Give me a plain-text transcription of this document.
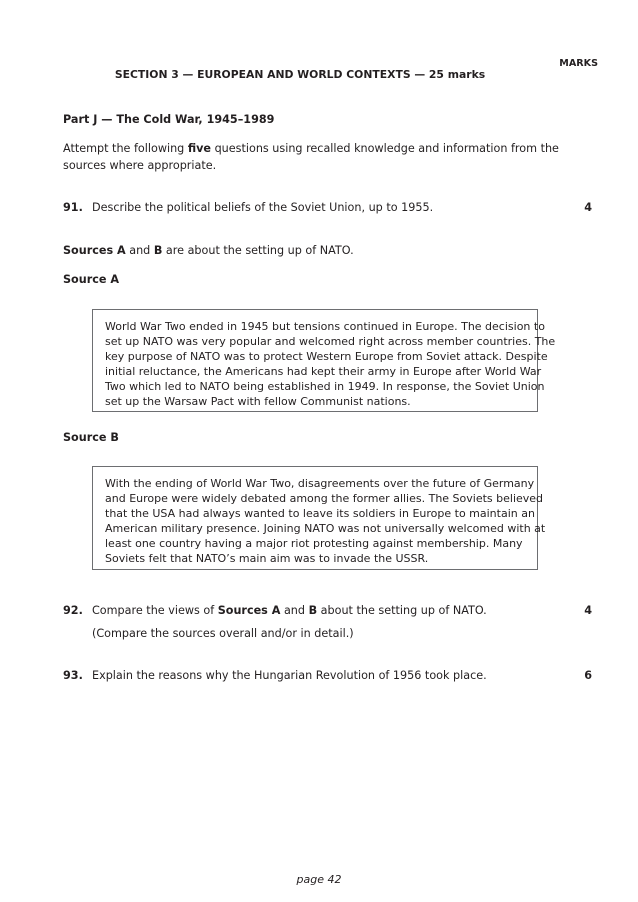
MARKS
SECTION 3 — EUROPEAN AND WORLD CONTEXTS — 25 marks
Part J — The Cold War, 1945–1989
Attempt the following five questions using recalled knowledge and information from the
sources where appropriate.
91. Describe the political beliefs of the Soviet Union, up to 1955.	4
Sources A and B are about the setting up of NATO.
Source A
World War Two ended in 1945 but tensions continued in Europe. The decision to
set up NATO was very popular and welcomed right across member countries. The
key purpose of NATO was to protect Western Europe from Soviet attack. Despite
initial reluctance, the Americans had kept their army in Europe after World War
Two which led to NATO being established in 1949. In response, the Soviet Union
set up the Warsaw Pact with fellow Communist nations.
Source B
With the ending of World War Two, disagreements over the future of Germany
and Europe were widely debated among the former allies. The Soviets believed
that the USA had always wanted to leave its soldiers in Europe to maintain an
American military presence. Joining NATO was not universally welcomed with at
least one country having a major riot protesting against membership. Many
Soviets felt that NATO’s main aim was to invade the USSR.
92. Compare the views of Sources A and B about the setting up of NATO.
(Compare the sources overall and/or in detail.)
4
93. Explain the reasons why the Hungarian Revolution of 1956 took place.	6
page 42
